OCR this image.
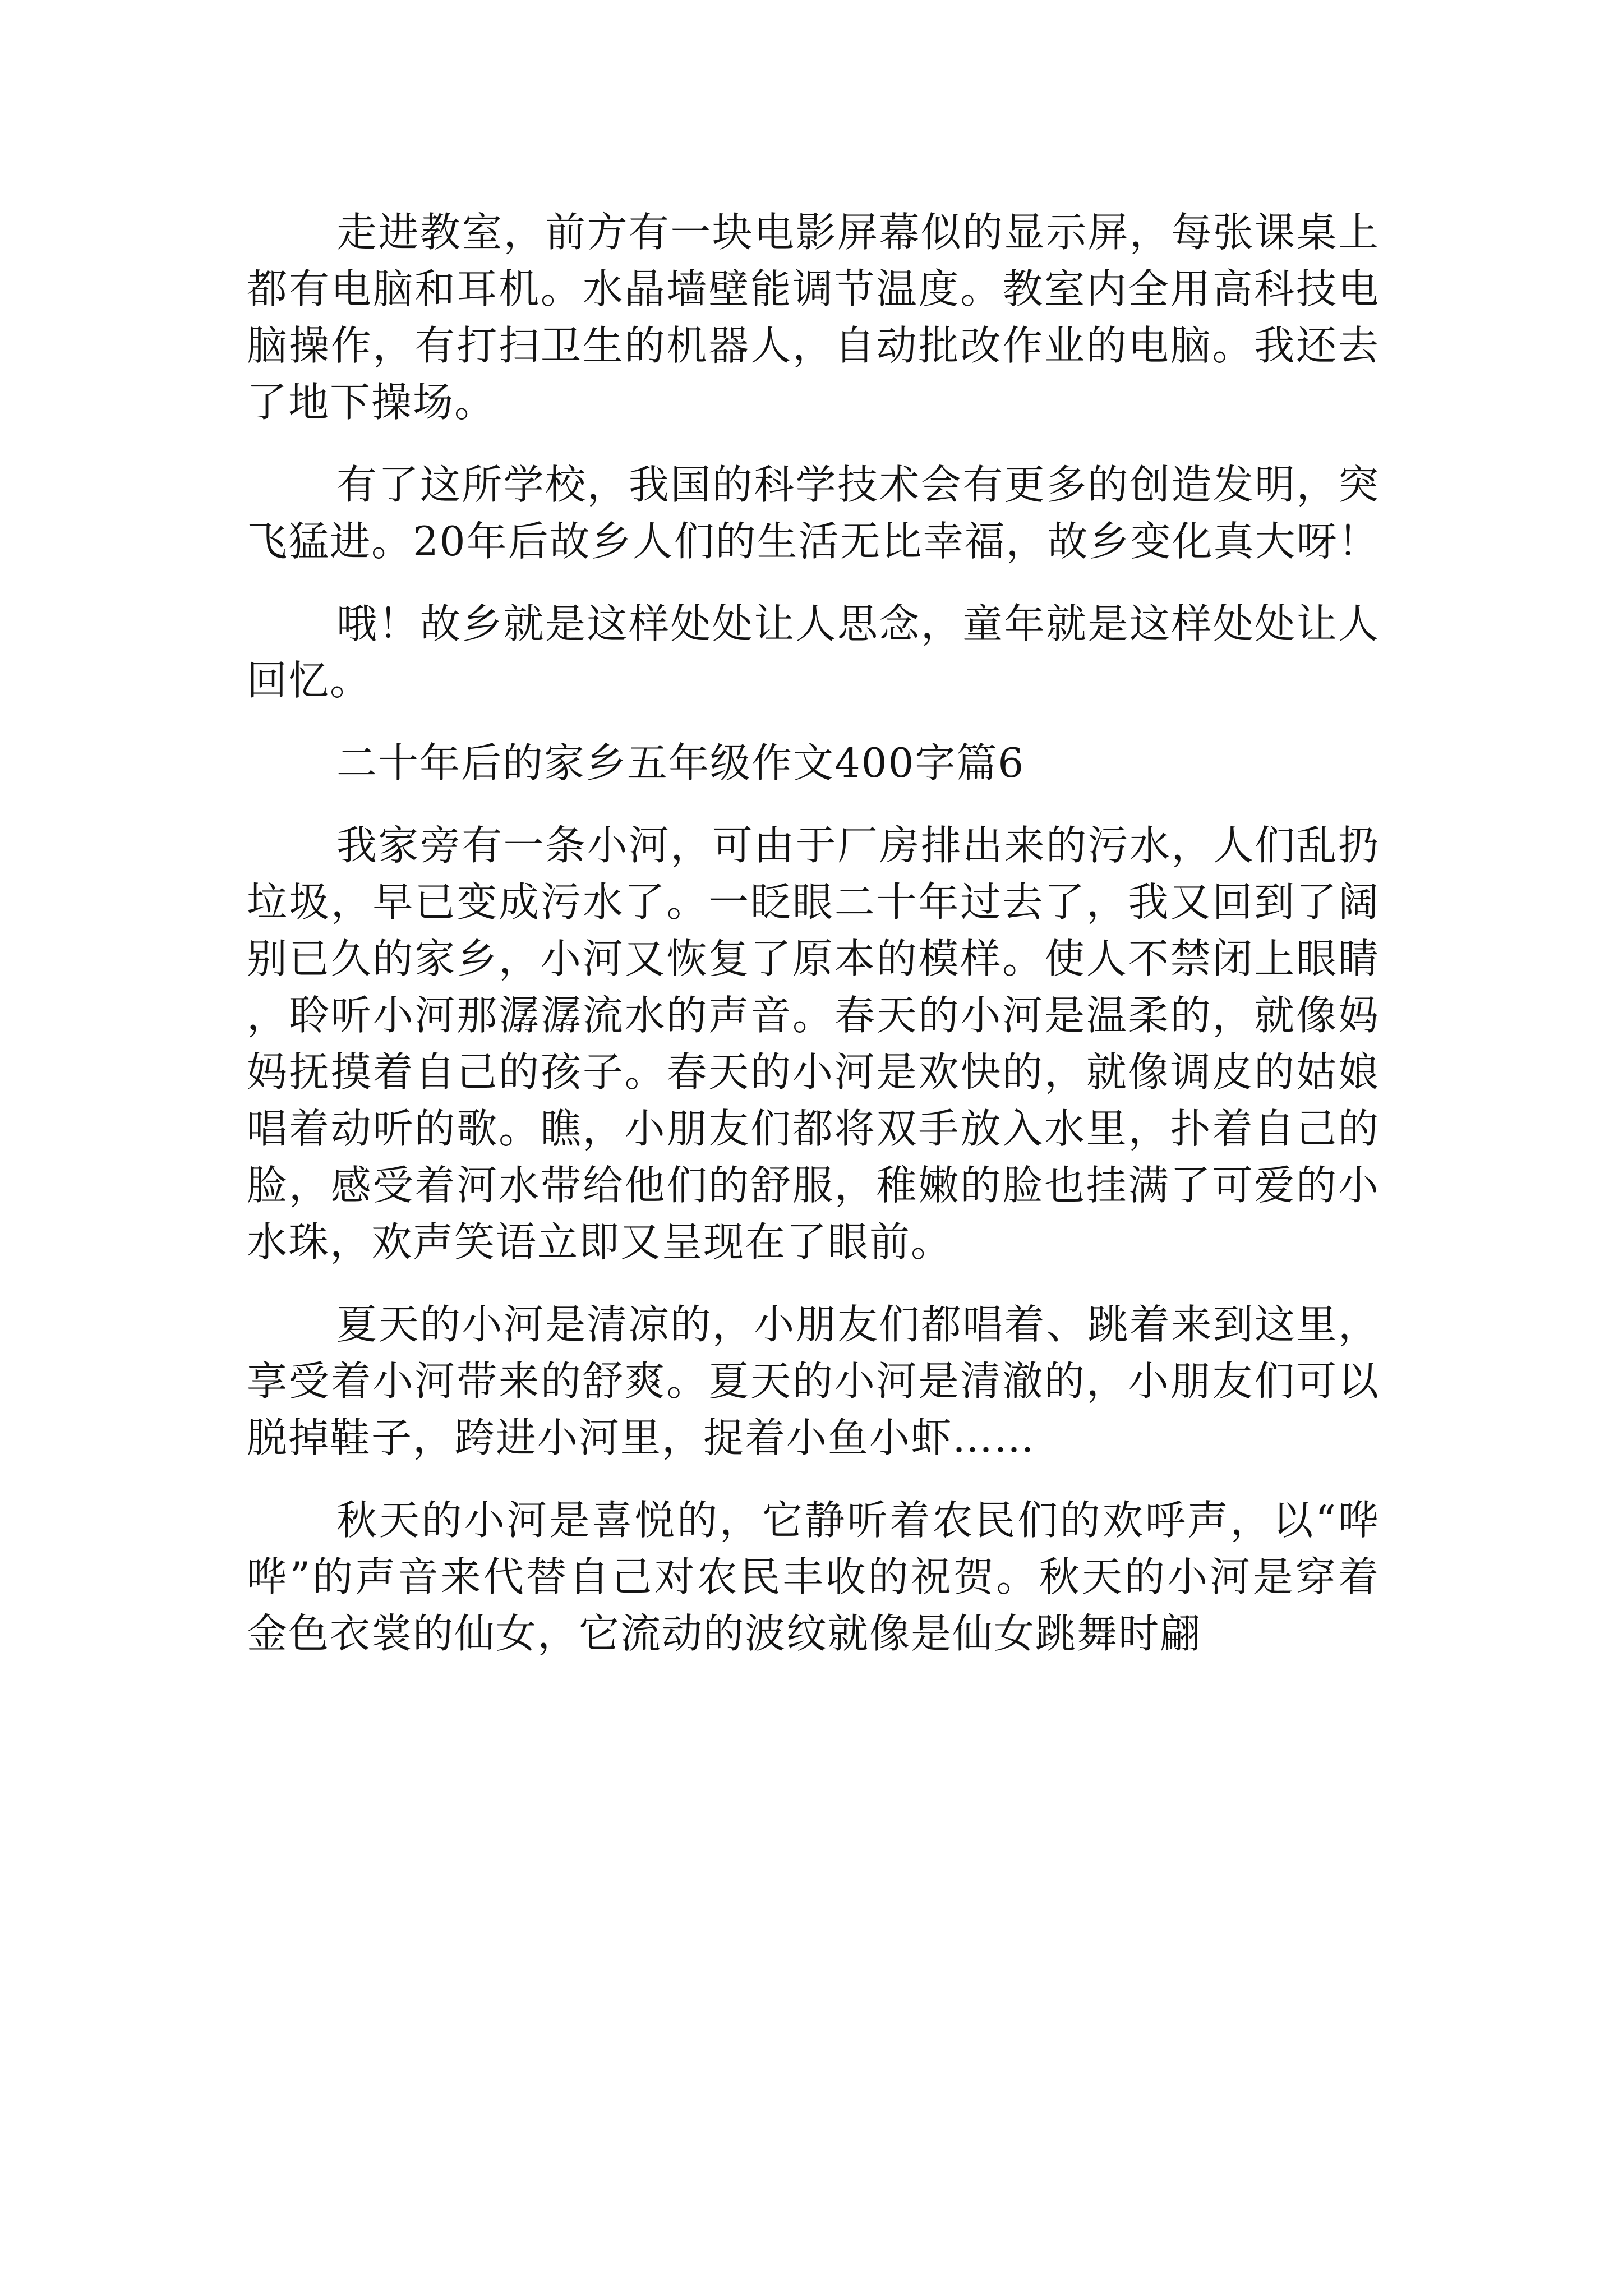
走进教室，前方有一块电影屏幕似的显示屏，每张课桌上都有电脑和耳机。水晶墙壁能调节温度。教室内全用高科技电脑操作，有打扫卫生的机器人，自动批改作业的电脑。我还去了地下操场。

有了这所学校，我国的科学技术会有更多的创造发明，突飞猛进。20年后故乡人们的生活无比幸福，故乡变化真大呀！

哦！故乡就是这样处处让人思念，童年就是这样处处让人回忆。

二十年后的家乡五年级作文400字篇6

我家旁有一条小河，可由于厂房排出来的污水，人们乱扔垃圾，早已变成污水了。一眨眼二十年过去了，我又回到了阔别已久的家乡，小河又恢复了原本的模样。使人不禁闭上眼睛，聆听小河那潺潺流水的声音。春天的小河是温柔的，就像妈妈抚摸着自己的孩子。春天的小河是欢快的，就像调皮的姑娘唱着动听的歌。瞧，小朋友们都将双手放入水里，扑着自己的脸，感受着河水带给他们的舒服，稚嫩的脸也挂满了可爱的小水珠，欢声笑语立即又呈现在了眼前。

夏天的小河是清凉的，小朋友们都唱着、跳着来到这里，享受着小河带来的舒爽。夏天的小河是清澈的，小朋友们可以脱掉鞋子，跨进小河里，捉着小鱼小虾……

秋天的小河是喜悦的，它静听着农民们的欢呼声，以“哗哗”的声音来代替自己对农民丰收的祝贺。秋天的小河是穿着金色衣裳的仙女，它流动的波纹就像是仙女跳舞时翩
